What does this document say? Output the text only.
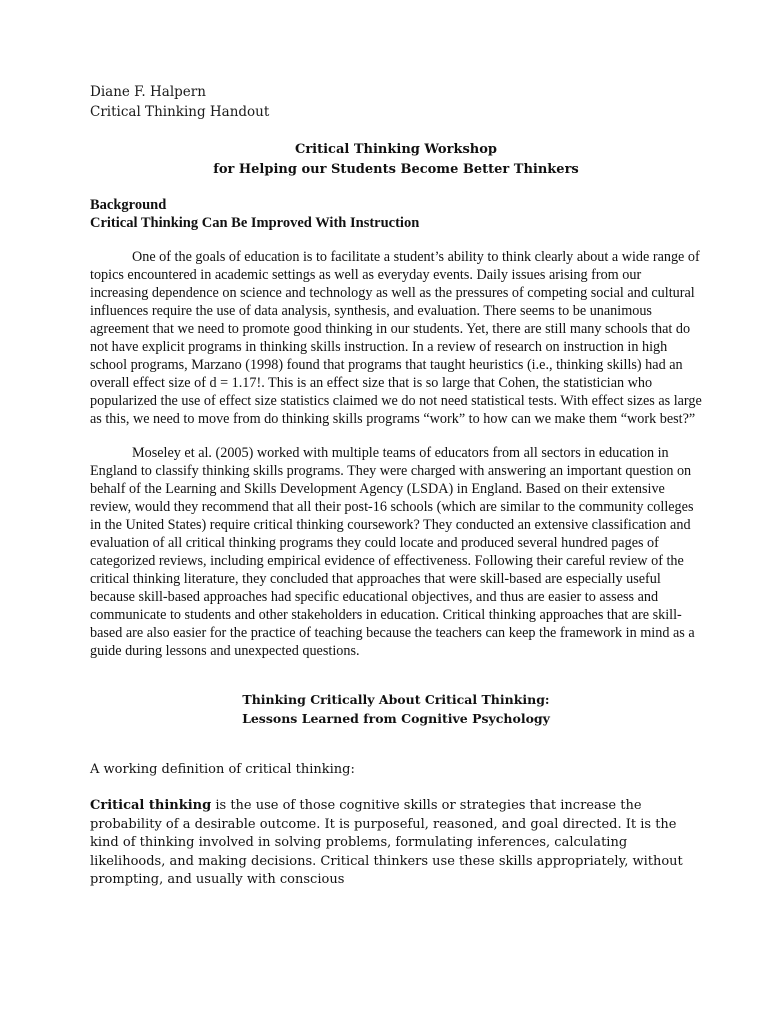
Diane F. Halpern
Critical Thinking Handout
Critical Thinking Workshop
for Helping our Students Become Better Thinkers
Background
Critical Thinking Can Be Improved With Instruction

One of the goals of education is to facilitate a student’s ability to think clearly about a wide range of topics encountered in academic settings as well as everyday events. Daily issues arising from our increasing dependence on science and technology as well as the pressures of competing social and cultural influences require the use of data analysis, synthesis, and evaluation. There seems to be unanimous agreement that we need to promote good thinking in our students. Yet, there are still many schools that do not have explicit programs in thinking skills instruction. In a review of research on instruction in high school programs, Marzano (1998) found that programs that taught heuristics (i.e., thinking skills) had an overall effect size of d = 1.17!. This is an effect size that is so large that Cohen, the statistician who popularized the use of effect size statistics claimed we do not need statistical tests. With effect sizes as large as this, we need to move from do thinking skills programs “work” to how can we make them “work best?”

Moseley et al. (2005) worked with multiple teams of educators from all sectors in education in England to classify thinking skills programs. They were charged with answering an important question on behalf of the Learning and Skills Development Agency (LSDA) in England. Based on their extensive review, would they recommend that all their post-16 schools (which are similar to the community colleges in the United States) require critical thinking coursework? They conducted an extensive classification and evaluation of all critical thinking programs they could locate and produced several hundred pages of categorized reviews, including empirical evidence of effectiveness. Following their careful review of the critical thinking literature, they concluded that approaches that were skill-based are especially useful because skill-based approaches had specific educational objectives, and thus are easier to assess and communicate to students and other stakeholders in education. Critical thinking approaches that are skill-based are also easier for the practice of teaching because the teachers can keep the framework in mind as a guide during lessons and unexpected questions.

Thinking Critically About Critical Thinking:
Lessons Learned from Cognitive Psychology
A working definition of critical thinking:
Critical thinking is the use of those cognitive skills or strategies that increase the probability of a desirable outcome. It is purposeful, reasoned, and goal directed. It is the kind of thinking involved in solving problems, formulating inferences, calculating likelihoods, and making decisions. Critical thinkers use these skills appropriately, without prompting, and usually with conscious
